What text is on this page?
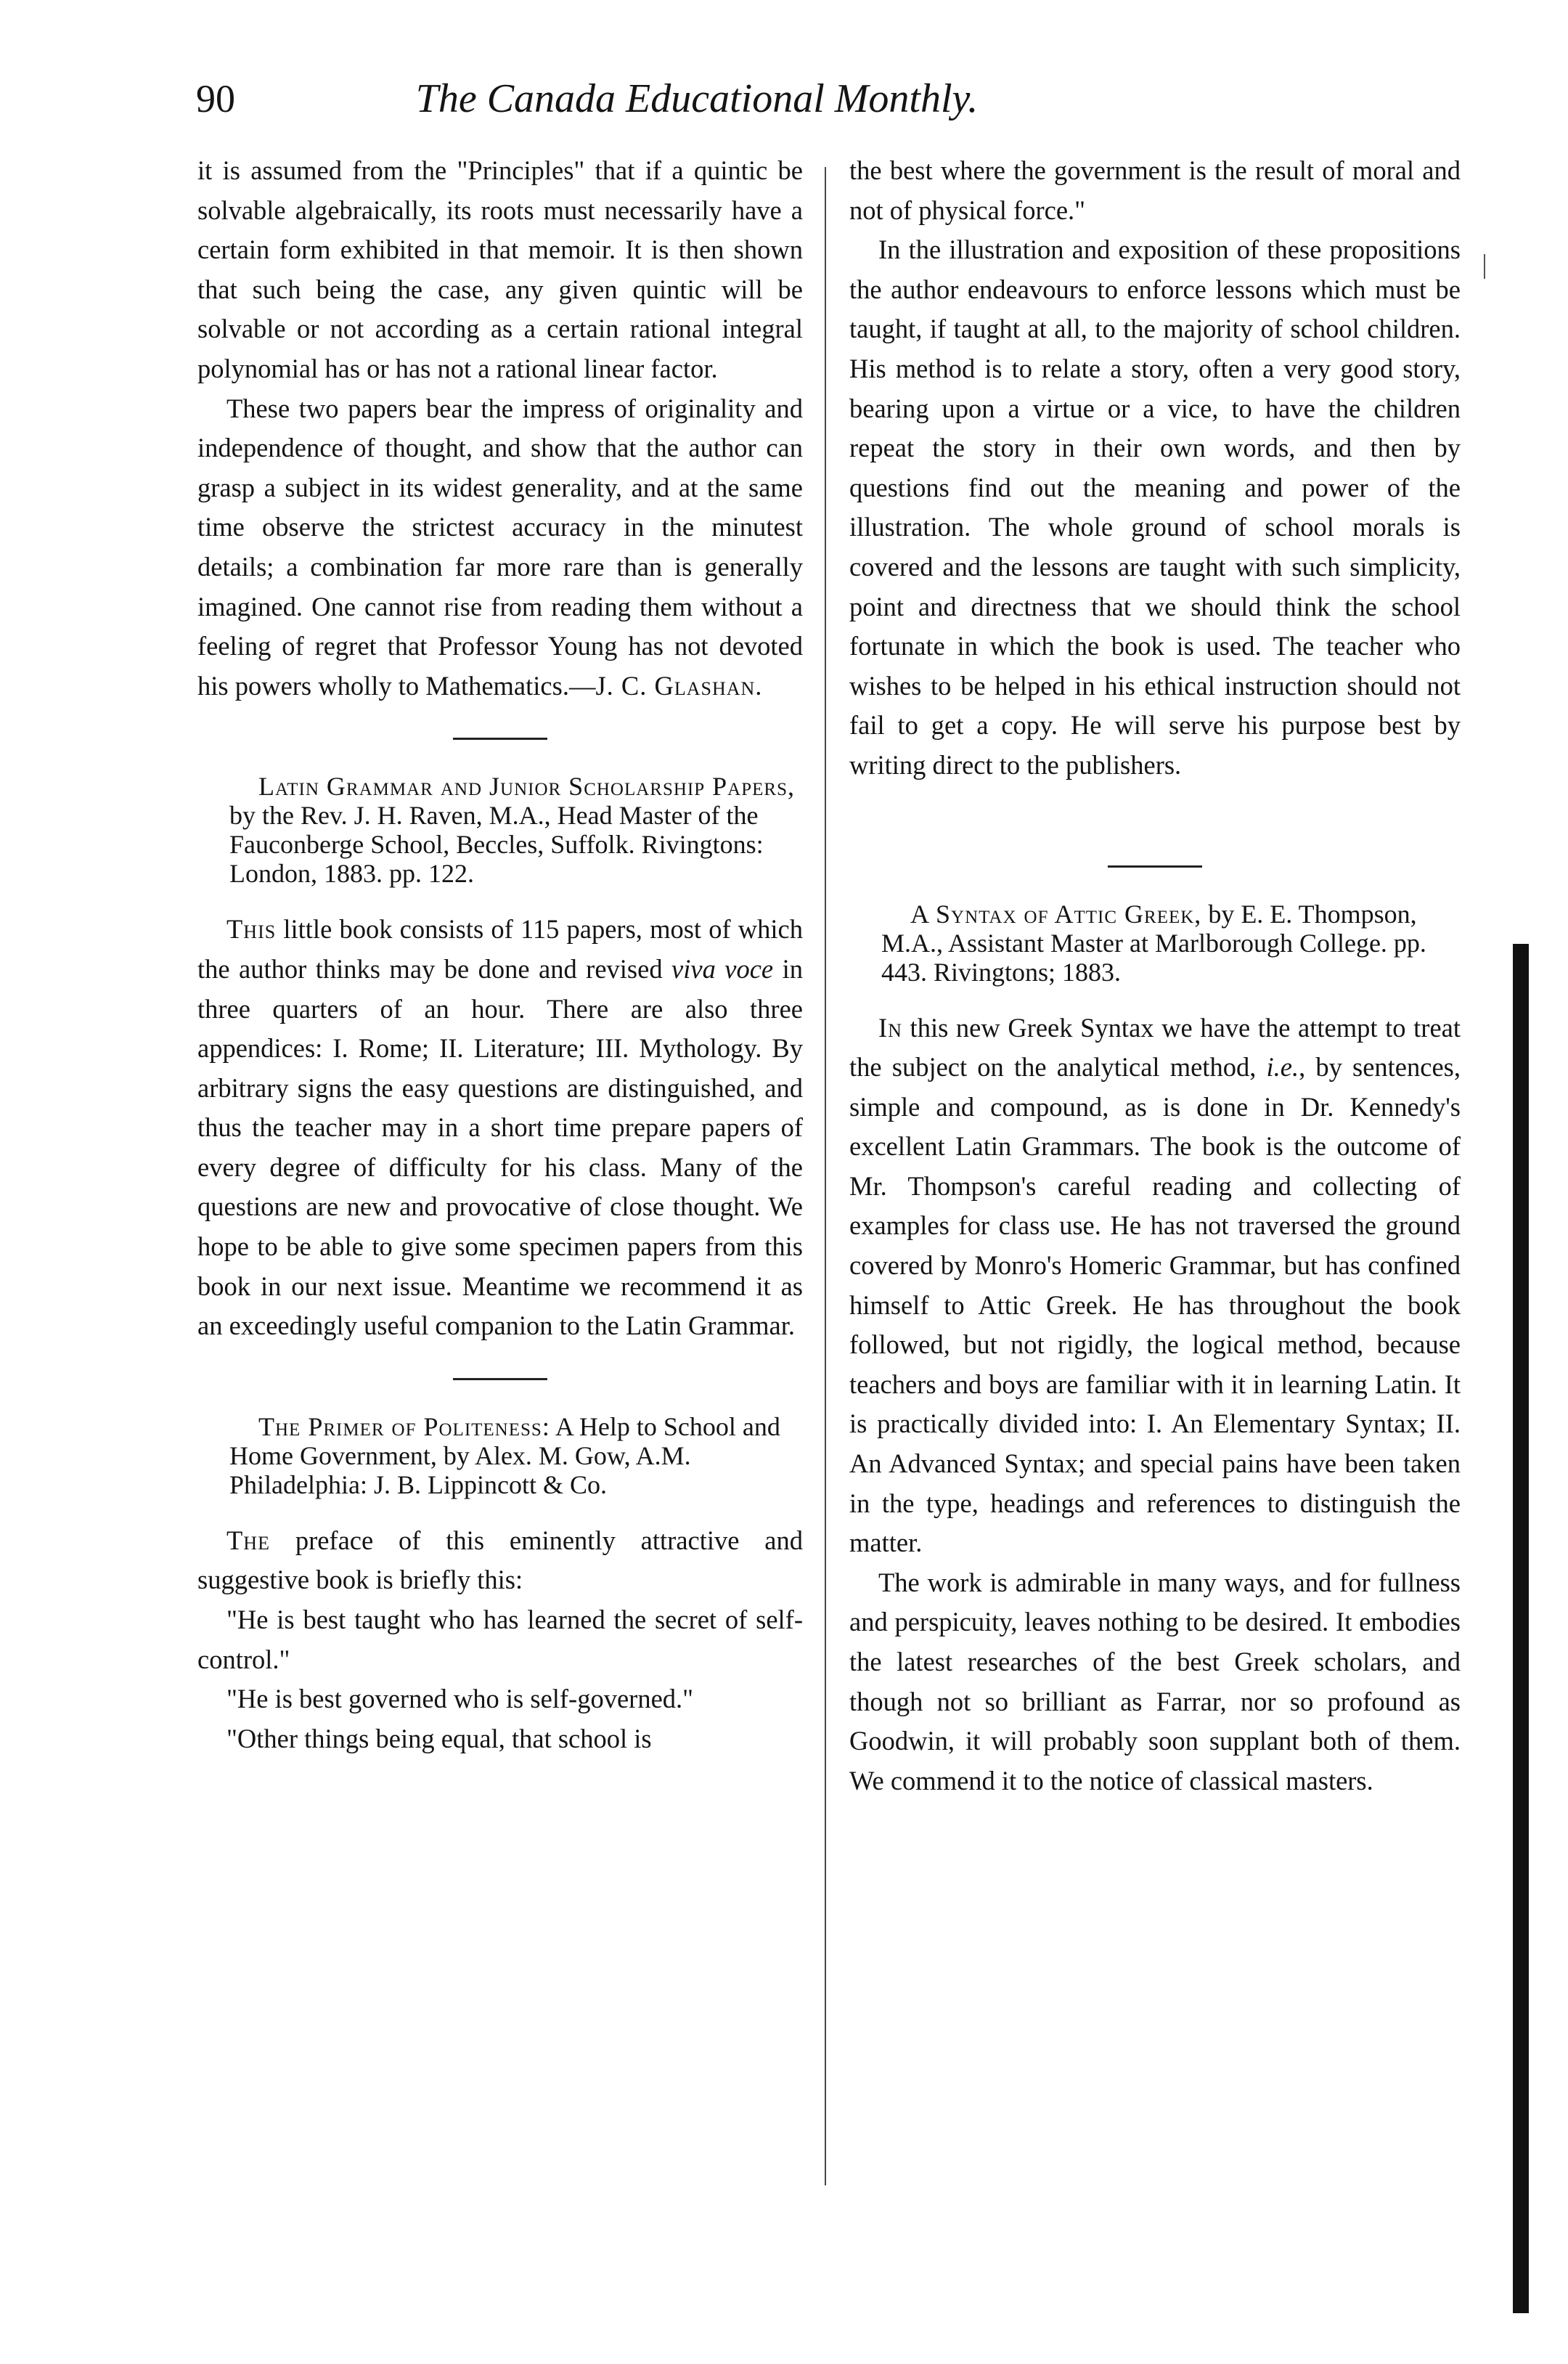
90	The Canada Educational Monthly.

it is assumed from the "Principles" that if a quintic be solvable algebraically, its roots must necessarily have a certain form exhibited in that memoir. It is then shown that such being the case, any given quintic will be solvable or not according as a certain rational integral polynomial has or has not a rational linear factor.

These two papers bear the impress of originality and independence of thought, and show that the author can grasp a subject in its widest generality, and at the same time observe the strictest accuracy in the minutest details; a combination far more rare than is generally imagined. One cannot rise from reading them without a feeling of regret that Professor Young has not devoted his powers wholly to Mathematics.—J. C. Glashan.

Latin Grammar and Junior Scholarship Papers, by the Rev. J. H. Raven, M.A., Head Master of the Fauconberge School, Beccles, Suffolk. Rivingtons: London, 1883. pp. 122.

This little book consists of 115 papers, most of which the author thinks may be done and revised viva voce in three quarters of an hour. There are also three appendices: I. Rome; II. Literature; III. Mythology. By arbitrary signs the easy questions are distinguished, and thus the teacher may in a short time prepare papers of every degree of difficulty for his class. Many of the questions are new and provocative of close thought. We hope to be able to give some specimen papers from this book in our next issue. Meantime we recommend it as an exceedingly useful companion to the Latin Grammar.

The Primer of Politeness: A Help to School and Home Government, by Alex. M. Gow, A.M. Philadelphia: J. B. Lippincott & Co.

The preface of this eminently attractive and suggestive book is briefly this:

"He is best taught who has learned the secret of self-control."

"He is best governed who is self-governed."

"Other things being equal, that school is

the best where the government is the result of moral and not of physical force."

In the illustration and exposition of these propositions the author endeavours to enforce lessons which must be taught, if taught at all, to the majority of school children. His method is to relate a story, often a very good story, bearing upon a virtue or a vice, to have the children repeat the story in their own words, and then by questions find out the meaning and power of the illustration. The whole ground of school morals is covered and the lessons are taught with such simplicity, point and directness that we should think the school fortunate in which the book is used. The teacher who wishes to be helped in his ethical instruction should not fail to get a copy. He will serve his purpose best by writing direct to the publishers.

A Syntax of Attic Greek, by E. E. Thompson, M.A., Assistant Master at Marlborough College. pp. 443. Rivingtons; 1883.

In this new Greek Syntax we have the attempt to treat the subject on the analytical method, i.e., by sentences, simple and compound, as is done in Dr. Kennedy's excellent Latin Grammars. The book is the outcome of Mr. Thompson's careful reading and collecting of examples for class use. He has not traversed the ground covered by Monro's Homeric Grammar, but has confined himself to Attic Greek. He has throughout the book followed, but not rigidly, the logical method, because teachers and boys are familiar with it in learning Latin. It is practically divided into: I. An Elementary Syntax; II. An Advanced Syntax; and special pains have been taken in the type, headings and references to distinguish the matter.

The work is admirable in many ways, and for fullness and perspicuity, leaves nothing to be desired. It embodies the latest researches of the best Greek scholars, and though not so brilliant as Farrar, nor so profound as Goodwin, it will probably soon supplant both of them. We commend it to the notice of classical masters.
